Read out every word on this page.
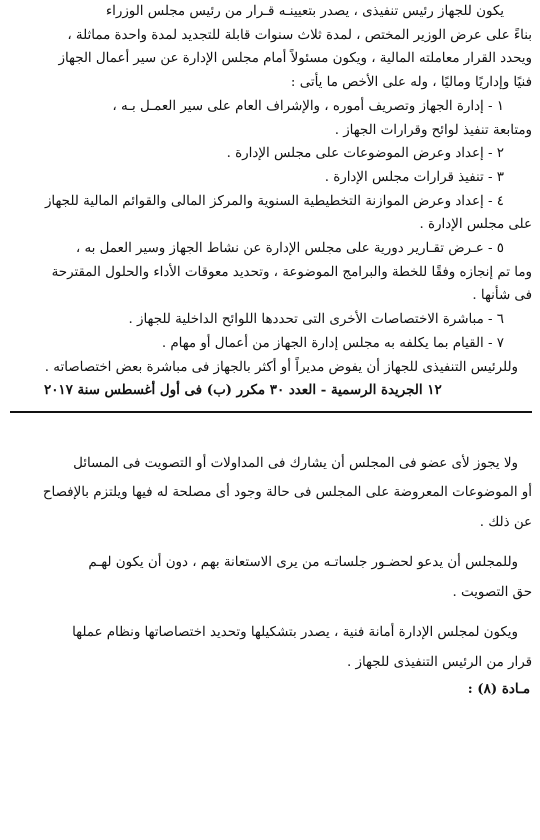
يكون للجهاز رئيس تنفيذى ، يصدر بتعيينـه قـرار من رئيس مجلس الوزراء
بناءً على عرض الوزير المختص ، لمدة ثلاث سنوات قابلة للتجديد لمدة واحدة مماثلة ،
ويحدد القرار معاملته المالية ، ويكون مسئولاً أمام مجلس الإدارة عن سير أعمال الجهاز
فنيًا وإداريًا وماليًا ، وله على الأخص ما يأتى :
١ - إدارة الجهاز وتصريف أموره ، والإشراف العام على سير العمـل بـه ،
ومتابعة تنفيذ لوائح وقرارات الجهاز .
٢ - إعداد وعرض الموضوعات على مجلس الإدارة .
٣ - تنفيذ قرارات مجلس الإدارة .
٤ - إعداد وعرض الموازنة التخطيطية السنوية والمركز المالى والقوائم المالية للجهاز
على مجلس الإدارة .
٥ - عـرض تقـارير دورية على مجلس الإدارة عن نشاط الجهاز وسير العمل به ،
وما تم إنجازه وفقًا للخطة والبرامج الموضوعة ، وتحديد معوقات الأداء والحلول المقترحة
فى شأنها .
٦ - مباشرة الاختصاصات الأخرى التى تحددها اللوائح الداخلية للجهاز .
٧ - القيام بما يكلفه به مجلس إدارة الجهاز من أعمال أو مهام .
وللرئيس التنفيذى للجهاز أن يفوض مديراً أو أكثر بالجهاز فى مباشرة بعض اختصاصاته .
١٢ الجريدة الرسمية - العدد ٣٠ مكرر (ب) فى أول أغسطس سنة ٢٠١٧
ولا يجوز لأى عضو فى المجلس أن يشارك فى المداولات أو التصويت فى المسائل
أو الموضوعات المعروضة على المجلس فى حالة وجود أى مصلحة له فيها ويلتزم بالإفصاح
عن ذلك .
وللمجلس أن يدعو لحضـور جلساتـه من يرى الاستعانة بهم ، دون أن يكون لهـم
حق التصويت .
ويكون لمجلس الإدارة أمانة فنية ، يصدر بتشكيلها وتحديد اختصاصاتها ونظام عملها
قرار من الرئيس التنفيذى للجهاز .
مـادة (٨) :
